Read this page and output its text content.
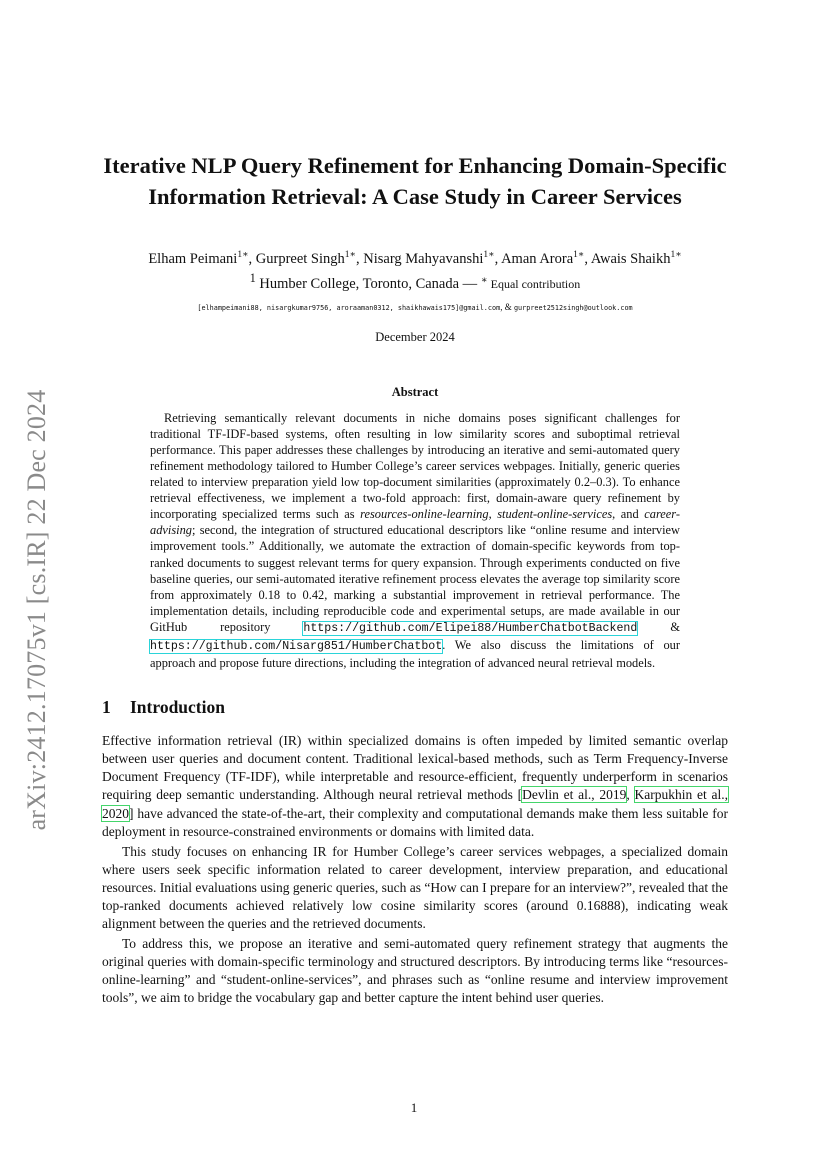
arXiv:2412.17075v1 [cs.IR] 22 Dec 2024
Iterative NLP Query Refinement for Enhancing Domain-Specific
Information Retrieval: A Case Study in Career Services
Elham Peimani$^{1∗}$, Gurpreet Singh$^{1∗}$, Nisarg Mahyavanshi$^{1∗}$, Aman Arora$^{1∗}$, Awais Shaikh$^{1∗}$
$^1$ Humber College, Toronto, Canada — ∗ Equal contribution
[elhampeimani88, nisargkumar9756, aroraaman0312, shaikhawais175]@gmail.com, & gurpreet2512singh@outlook.com
December 2024
Abstract

Retrieving semantically relevant documents in niche domains poses significant challenges for traditional TF-IDF-based systems, often resulting in low similarity scores and suboptimal retrieval performance. This paper addresses these challenges by introducing an iterative and semi-automated query refinement methodology tailored to Humber College’s career services webpages. Initially, generic queries related to interview preparation yield low top-document similarities (approximately 0.2–0.3). To enhance retrieval effectiveness, we implement a two-fold approach: first, domain-aware query refinement by incorporating specialized terms such as resources-online-learning, student-online-services, and career-advising; second, the integration of structured educational descriptors like “online resume and interview improvement tools.” Additionally, we automate the extraction of domain-specific keywords from top-ranked documents to suggest relevant terms for query expansion. Through experiments conducted on five baseline queries, our semi-automated iterative refinement process elevates the average top similarity score from approximately 0.18 to 0.42, marking a substantial improvement in retrieval performance. The implementation details, including reproducible code and experimental setups, are made available in our GitHub repository https://github.com/Elipei88/HumberChatbotBackend & https://github.com/Nisarg851/HumberChatbot. We also discuss the limitations of our approach and propose future directions, including the integration of advanced neural retrieval models.

1 Introduction

Effective information retrieval (IR) within specialized domains is often impeded by limited semantic overlap between user queries and document content. Traditional lexical-based methods, such as Term Frequency-Inverse Document Frequency (TF-IDF), while interpretable and resource-efficient, frequently underperform in scenarios requiring deep semantic understanding. Although neural retrieval methods [Devlin et al., 2019, Karpukhin et al., 2020] have advanced the state-of-the-art, their complexity and computational demands make them less suitable for deployment in resource-constrained environments or domains with limited data.

This study focuses on enhancing IR for Humber College’s career services webpages, a specialized domain where users seek specific information related to career development, interview preparation, and educational resources. Initial evaluations using generic queries, such as “How can I prepare for an interview?”, revealed that the top-ranked documents achieved relatively low cosine similarity scores (around 0.16888), indicating weak alignment between the queries and the retrieved documents.

To address this, we propose an iterative and semi-automated query refinement strategy that augments the original queries with domain-specific terminology and structured descriptors. By introducing terms like “resources-online-learning” and “student-online-services”, and phrases such as “online resume and interview improvement tools”, we aim to bridge the vocabulary gap and better capture the intent behind user queries.

1
